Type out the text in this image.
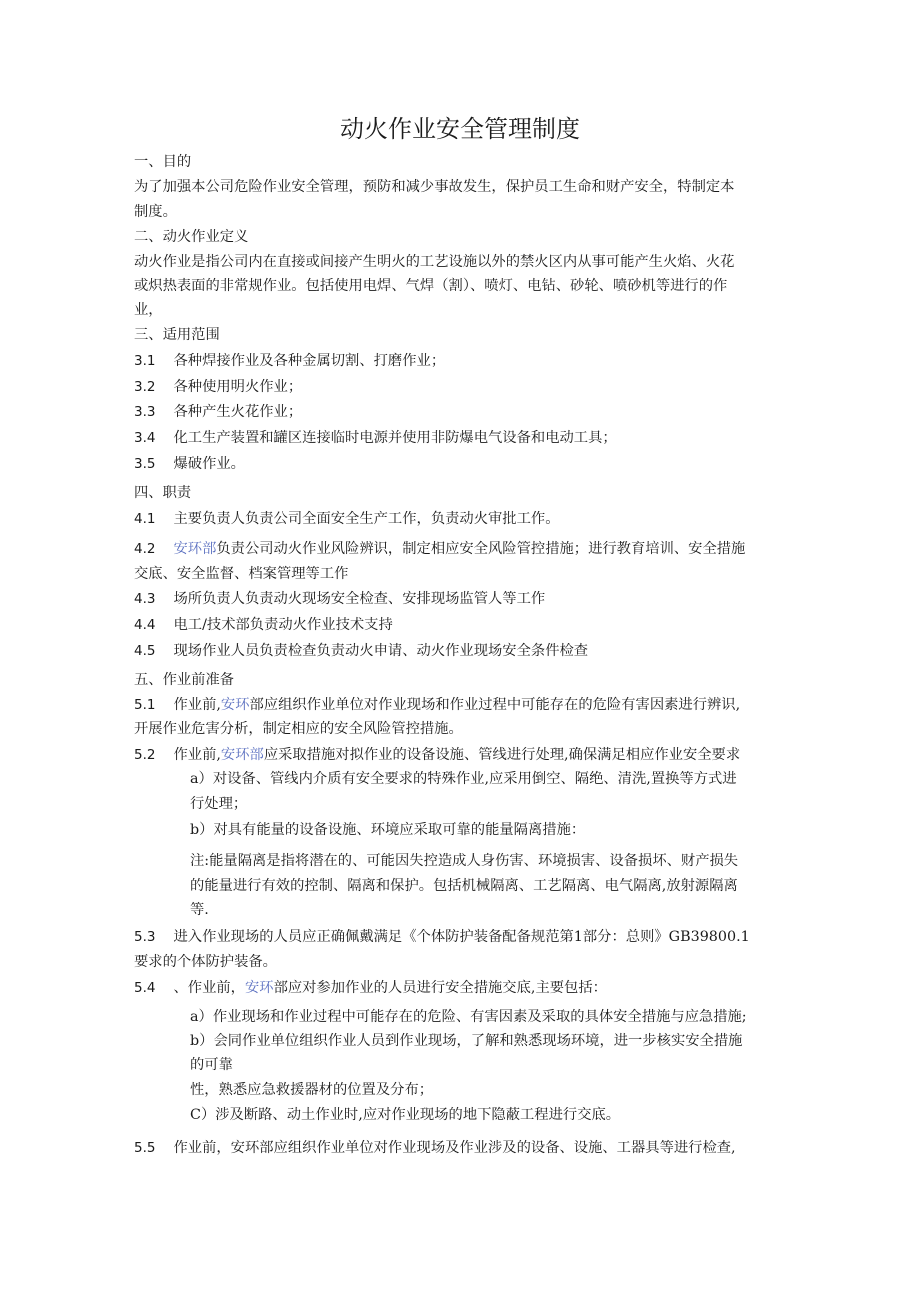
动火作业安全管理制度
一、目的
为了加强本公司危险作业安全管理，预防和减少事故发生，保护员工生命和财产安全，特制定本
制度。
二、动火作业定义
动火作业是指公司内在直接或间接产生明火的工艺设施以外的禁火区内从事可能产生火焰、火花
或炽热表面的非常规作业。包括使用电焊、气焊（割）、喷灯、电钻、砂轮、喷砂机等进行的作
业，
三、适用范围
3.1 各种焊接作业及各种金属切割、打磨作业；
3.2 各种使用明火作业；
3.3 各种产生火花作业；
3.4 化工生产装置和罐区连接临时电源并使用非防爆电气设备和电动工具；
3.5 爆破作业。
四、职责
4.1 主要负责人负责公司全面安全生产工作，负责动火审批工作。
4.2 安环部负责公司动火作业风险辨识，制定相应安全风险管控措施；进行教育培训、安全措施
交底、安全监督、档案管理等工作
4.3 场所负责人负责动火现场安全检查、安排现场监管人等工作
4.4 电工/技术部负责动火作业技术支持
4.5 现场作业人员负责检查负责动火申请、动火作业现场安全条件检查
五、作业前准备
5.1 作业前,安环部应组织作业单位对作业现场和作业过程中可能存在的危险有害因素进行辨识,
开展作业危害分析，制定相应的安全风险管控措施。
5.2 作业前,安环部应采取措施对拟作业的设备设施、管线进行处理,确保满足相应作业安全要求
a）对设备、管线内介质有安全要求的特殊作业,应采用倒空、隔绝、清洗,置换等方式进
行处理；
b）对具有能量的设备设施、环境应采取可靠的能量隔离措施：
注:能量隔离是指将潜在的、可能因失控造成人身伤害、环境损害、设备损坏、财产损失
的能量进行有效的控制、隔离和保护。包括机械隔离、工艺隔离、电气隔离,放射源隔离
等.
5.3 进入作业现场的人员应正确佩戴满足《个体防护装备配备规范第1部分：总则》GB39800.1
要求的个体防护装备。
5.4 、作业前，安环部应对参加作业的人员进行安全措施交底,主要包括：
a）作业现场和作业过程中可能存在的危险、有害因素及采取的具体安全措施与应急措施;
b）会同作业单位组织作业人员到作业现场，了解和熟悉现场环境，进一步核实安全措施
的可靠
性，熟悉应急救援器材的位置及分布；
C）涉及断路、动土作业时,应对作业现场的地下隐蔽工程进行交底。
5.5 作业前，安环部应组织作业单位对作业现场及作业涉及的设备、设施、工器具等进行检查,
